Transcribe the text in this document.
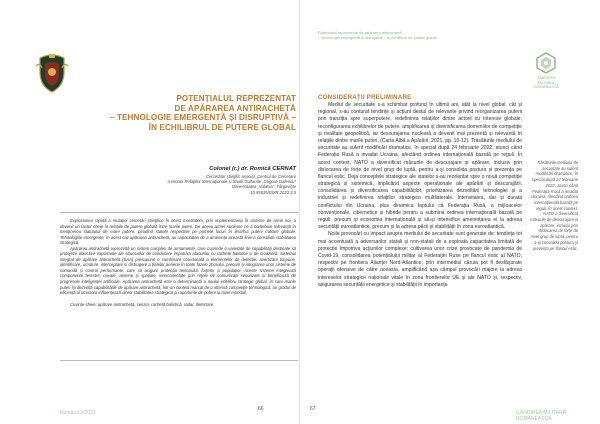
POTENȚIALUL REPREZENTAT
DE APĂRAREA ANTIRACHETĂ
– TEHNOLOGIE EMERGENTĂ ȘI DISRUPTIVĂ –
ÎN ECHILIBRUL DE PUTERE GLOBAL
Colonel (r.) dr. Romică CERNAT
Cercetător științific asociat, Centrul de Cercetare
a Istoriei Relațiilor Internaționale și Studii Culturale „Grigore Gafencu”
Universitatea „Valahia”, Târgoviște
10.55535/GMR.2023.3.3

Explozianea rapidă a mutației cercetări științifice în acest mortitatem, prin implementarea în sisteme de arme noi, a devenit un factor cheie în relațiile de putere globală între marile puteri. De aceea armel nucleare ne a contribuie relevanță în menținerea statutului de mare putere, pirodind statele respective pe primele locuri în ierarhia puterii militare globale. Tehnologiile emergente, în acest caz apărarea antirachetă, au capacitatea de a amenința această linie a consolida stabilitatea strategică.

Apărarea antirachetă reprezintă un sistem complex de armamente, care cuprinde o varietate de capabilități destinate să protejeze obiective importante ale structurilor de conducere împotriva atacurilor cu rachete balistice și de croazieră. Sistemul integrat de apărare antirachetă (SAA) presupune o combinare coordonată a elementelor de detecție, avertizare timpurie, identificare, urmărire, interceptare și distrugere a țintelor aeriene în toate fazele zborului, precum și integrarea unor sisteme de comandă și control performante, care să asigure protecția teritoriului, forțelor și populației. Aceste sisteme integrează componente terestre, navale, aeriene și spațiale, interconectate prin rețele de comunicații securizate și beneficiază de progresele inteligenței artificiale. Apărarea antirachetă este o determinantă a noului echilibru strategic global, în care marile puteri își dezvoltă capabilitățile de apărare antirachetă, într-un context marcat de o intensă competiție tehnologică, iar gradul de eficiență al acestora influențează direct stabilitatea strategică și raporturile de putere la nivel mondial.

Cuvinte-cheie: apărare antirachetă, senzor, rachetă balistică, radar, detectare.

Numărul 3/2023
66
Potențialul reprezentat de apărarea antirachetă
– tehnologie emergentă și disruptivă – în echilibrul de putere global
GÂNDIREA
MILITARĂ
ROMÂNEASCĂ
CONSIDERAȚII PRELIMINARE

Mediul de securitate s-a schimbat profund în ultimii ani, atât la nivel global, cât și regional, s-au conturat tendințe și acțiuni destul de relevante privind reorganizarea puterii prin tranziția spre superputere, redefinirea relațiilor dintre actorii cu interese globale, reconfigurarea echilibrelor de putere, amplificarea și diversificarea domeniilor de competiție și rivalitate geopolitică, iar descurajarea nucleară a devenit mai prezentă și relevantă în relațiile dintre marile puteri. (Carta Albă a Apărării, 2021, pp. 10-12). Trăsăturile mediului de securitate au suferit modificări dramatice, în special după 24 februarie 2022, atunci când Federația Rusă a invadat Ucraina, afectând ordinea internațională bazată pe reguli. În acest context, NATO a diversificat măsurile de descurajare și apărare, inclusiv prin dislocarea de forțe de nivel grup de luptă, pentru a-și consolida postura și prezența pe flancul estic. Deja conceptele strategice ale statelor s-au reorientat spre o nouă competiție strategică și sistemică, implicând aspecte operaționale ale apărării și descurajării, consolidarea și diversificarea capabilităților, prioritizarea dezvoltării tehnologiei și a industriei și redefinirea relațiilor strategice multilaterale. Intensitatea, dar și durata conflictului din Ucraina, plus dinamica faptului că Federația Rusă, a mijloacelor convenționale, cibernetice și hibride pentru a submina ordinea internațională bazată pe reguli, precum și economia internațională și să-și intensifice amenințarea ei la adresa securității euroatlantice, precum și la adresa păcii și stabilității în zona euroatlantică.

Noile provocări cu impact asupra mediului de securitate sunt generate de: tendința tot mai accentuată a adversarilor statali și non-statali de a exploata capacitatea limitată de protecție împotriva acțiunilor complexe; cultivarea unor crize provocate de pandemia de Covid-19, consolidarea potențialului militar al Federației Ruse pe flancul estic al NATO, respectiv pe frontiera Alianței Nord-Atlantice, prin intermediul căruia pot fi desfășurate operații ofensive de către aceasta, amplificând așa câmpul provocări majore la adresa intereselor strategice naționale vitale în zona frontierelor UE și ale NATO și, respectiv, asigurarea securității energetice și stabilității în importanța

Trăsăturile mediului de securitate au suferit modificări dramatice, în special după 24 februarie 2022, atunci când Federația Rusă a invadat Ucraina, afectând ordinea internațională bazată pe reguli. În acest context, NATO a diversificat măsurile de descurajare și apărare, inclusiv prin dislocarea de forțe de nivel grup de luptă, pentru a-și consolida postura și prezența pe flancul estic.
67
GÂNDIREA MILITARĂ ROMÂNEASCĂ
